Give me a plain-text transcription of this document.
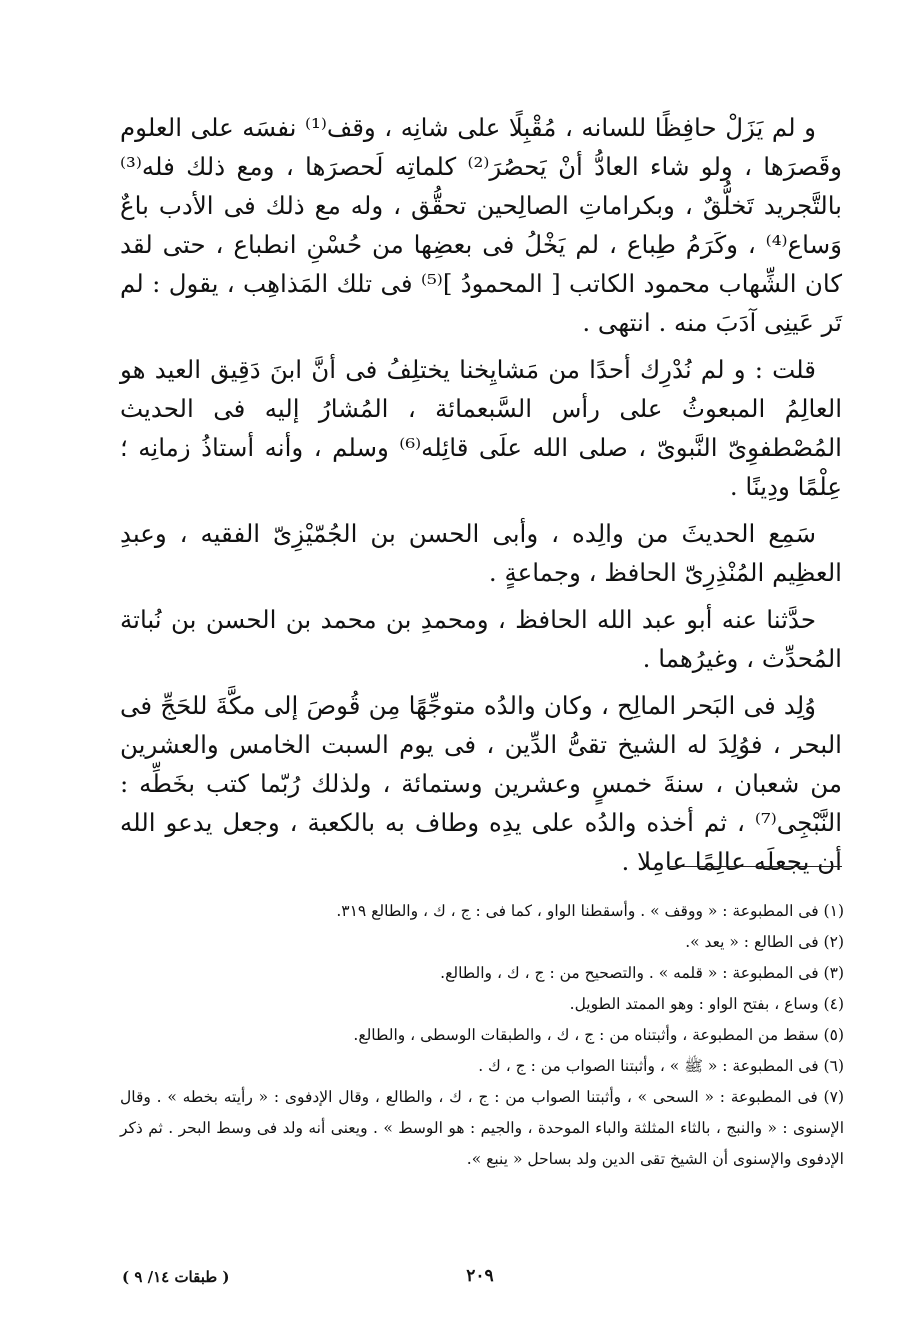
و لم يَزَلْ حافِظًا للسانه ، مُقْبِلًا على شانِه ، وقف⁽¹⁾ نفسَه على العلوم وقَصرَها ، ولو شاء العادُّ أنْ يَحصُرَ⁽²⁾ كلماتِه لَحصرَها ، ومع ذلك فله⁽³⁾ بالتَّجريد تَخلُّقٌ ، وبكراماتِ الصالِحين تحقُّق ، وله مع ذلك فى الأدب باعٌ وَساع⁽⁴⁾ ، وكَرَمُ طِباع ، لم يَخْلُ فى بعضِها من حُسْنِ انطباع ، حتى لقد كان الشِّهاب محمود الكاتب [ المحمودُ ]⁽⁵⁾ فى تلك المَذاهِب ، يقول : لم تَر عَينِى آدَبَ منه . انتهى .

قلت : و لم نُدْرِك أحدًا من مَشايِخنا يختلِفُ فى أنَّ ابنَ دَقِيق العيد هو العالِمُ المبعوثُ على رأس السَّبعمائة ، المُشارُ إليه فى الحديث المُصْطفوِىّ النَّبوىّ ، صلى الله علَى قائِله⁽⁶⁾ وسلم ، وأنه أستاذُ زمانِه ؛ عِلْمًا ودِينًا .

سَمِع الحديثَ من والِده ، وأبى الحسن بن الجُمّيْزِىّ الفقيه ، وعبدِ العظِيم المُنْذِرِىّ الحافظ ، وجماعةٍ .

حدَّثنا عنه أبو عبد الله الحافظ ، ومحمدِ بن محمد بن الحسن بن نُباتة المُحدِّث ، وغيرُهما .

وُلِد فى البَحر المالِح ، وكان والدُه متوجِّهًا مِن قُوصَ إلى مكَّةَ للحَجِّ فى البحر ، فوُلِدَ له الشيخ تقىُّ الدِّين ، فى يوم السبت الخامس والعشرين من شعبان ، سنةَ خمسٍ وعشرين وستمائة ، ولذلك رُبّما كتب بخَطِّه : النَّبْجِى⁽⁷⁾ ، ثم أخذه والدُه على يدِه وطاف به بالكعبة ، وجعل يدعو الله أن يجعلَه عالِمًا عامِلا .

(١) فى المطبوعة : « ووقف » . وأسقطنا الواو ، كما فى : ج ، ك ، والطالع ٣١٩.

(٢) فى الطالع : « يعد ».

(٣) فى المطبوعة : « قلمه » . والتصحيح من : ج ، ك ، والطالع.

(٤) وساع ، بفتح الواو : وهو الممتد الطويل.

(٥) سقط من المطبوعة ، وأثبتناه من : ج ، ك ، والطبقات الوسطى ، والطالع.

(٦) فى المطبوعة : « ﷺ » ، وأثبتنا الصواب من : ج ، ك .

(٧) فى المطبوعة : « السحى » ، وأثبتنا الصواب من : ج ، ك ، والطالع ، وقال الإدفوى : « رأيته بخطه » . وقال الإسنوى : « والنبج ، بالثاء المثلثة والباء الموحدة ، والجيم : هو الوسط » . ويعنى أنه ولد فى وسط البحر . ثم ذكر الإدفوى والإسنوى أن الشيخ تقى الدين ولد بساحل « ينبع ».

٢٠٩
( طبقات ١٤/ ٩ )
